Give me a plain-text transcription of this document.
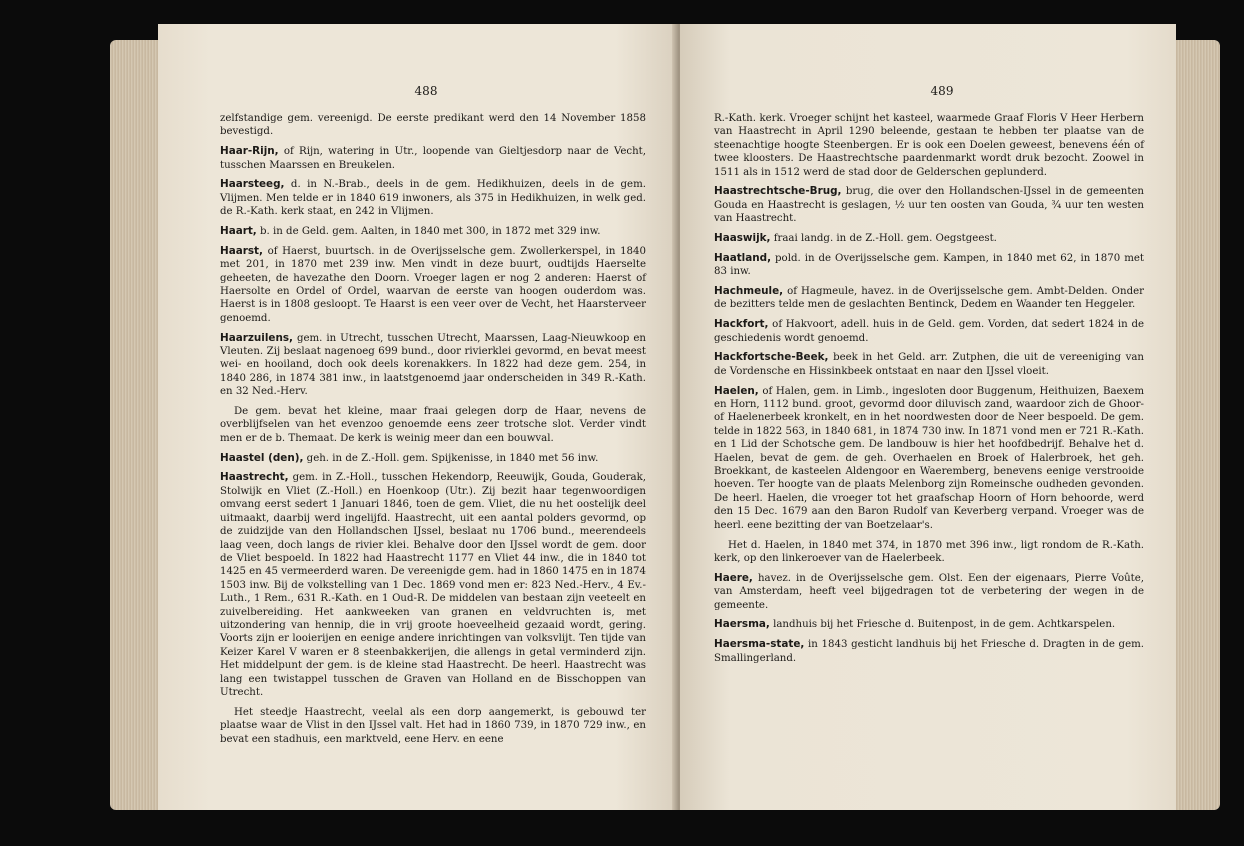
488

zelfstandige gem. vereenigd. De eerste predikant werd den 14 November 1858 bevestigd.

Haar-Rijn, of Rijn, watering in Utr., loopende van Gieltjesdorp naar de Vecht, tusschen Maarssen en Breukelen.

Haarsteeg, d. in N.-Brab., deels in de gem. Hedikhuizen, deels in de gem. Vlijmen. Men telde er in 1840 619 inwoners, als 375 in Hedikhuizen, in welk ged. de R.-Kath. kerk staat, en 242 in Vlijmen.

Haart, b. in de Geld. gem. Aalten, in 1840 met 300, in 1872 met 329 inw.

Haarst, of Haerst, buurtsch. in de Overijsselsche gem. Zwollerkerspel, in 1840 met 201, in 1870 met 239 inw. Men vindt in deze buurt, oudtijds Haerselte geheeten, de havezathe den Doorn. Vroeger lagen er nog 2 anderen: Haerst of Haersolte en Ordel of Ordel, waarvan de eerste van hoogen ouderdom was. Haerst is in 1808 gesloopt. Te Haarst is een veer over de Vecht, het Haarsterveer genoemd.

Haarzuilens, gem. in Utrecht, tusschen Utrecht, Maarssen, Laag-Nieuwkoop en Vleuten. Zij beslaat nagenoeg 699 bund., door rivierklei gevormd, en bevat meest wei- en hooiland, doch ook deels korenakkers. In 1822 had deze gem. 254, in 1840 286, in 1874 381 inw., in laatstgenoemd jaar onderscheiden in 349 R.-Kath. en 32 Ned.-Herv.

De gem. bevat het kleine, maar fraai gelegen dorp de Haar, nevens de overblijfselen van het evenzoo genoemde eens zeer trotsche slot. Verder vindt men er de b. Themaat. De kerk is weinig meer dan een bouwval.

Haastel (den), geh. in de Z.-Holl. gem. Spijkenisse, in 1840 met 56 inw.

Haastrecht, gem. in Z.-Holl., tusschen Hekendorp, Reeuwijk, Gouda, Gouderak, Stolwijk en Vliet (Z.-Holl.) en Hoenkoop (Utr.). Zij bezit haar tegenwoordigen omvang eerst sedert 1 Januari 1846, toen de gem. Vliet, die nu het oostelijk deel uitmaakt, daarbij werd ingelijfd. Haastrecht, uit een aantal polders gevormd, op de zuidzijde van den Hollandschen IJssel, beslaat nu 1706 bund., meerendeels laag veen, doch langs de rivier klei. Behalve door den IJssel wordt de gem. door de Vliet bespoeld. In 1822 had Haastrecht 1177 en Vliet 44 inw., die in 1840 tot 1425 en 45 vermeerderd waren. De vereenigde gem. had in 1860 1475 en in 1874 1503 inw. Bij de volkstelling van 1 Dec. 1869 vond men er: 823 Ned.-Herv., 4 Ev.-Luth., 1 Rem., 631 R.-Kath. en 1 Oud-R. De middelen van bestaan zijn veeteelt en zuivelbereiding. Het aankweeken van granen en veldvruchten is, met uitzondering van hennip, die in vrij groote hoeveelheid gezaaid wordt, gering. Voorts zijn er looierijen en eenige andere inrichtingen van volksvlijt. Ten tijde van Keizer Karel V waren er 8 steenbakkerijen, die allengs in getal verminderd zijn. Het middelpunt der gem. is de kleine stad Haastrecht. De heerl. Haastrecht was lang een twistappel tusschen de Graven van Holland en de Bisschoppen van Utrecht.

Het steedje Haastrecht, veelal als een dorp aangemerkt, is gebouwd ter plaatse waar de Vlist in den IJssel valt. Het had in 1860 739, in 1870 729 inw., en bevat een stadhuis, een marktveld, eene Herv. en eene

489

R.-Kath. kerk. Vroeger schijnt het kasteel, waarmede Graaf Floris V Heer Herbern van Haastrecht in April 1290 beleende, gestaan te hebben ter plaatse van de steenachtige hoogte Steenbergen. Er is ook een Doelen geweest, benevens één of twee kloosters. De Haastrechtsche paardenmarkt wordt druk bezocht. Zoowel in 1511 als in 1512 werd de stad door de Gelderschen geplunderd.

Haastrechtsche-Brug, brug, die over den Hollandschen-IJssel in de gemeenten Gouda en Haastrecht is geslagen, ½ uur ten oosten van Gouda, ¾ uur ten westen van Haastrecht.

Haaswijk, fraai landg. in de Z.-Holl. gem. Oegstgeest.

Haatland, pold. in de Overijsselsche gem. Kampen, in 1840 met 62, in 1870 met 83 inw.

Hachmeule, of Hagmeule, havez. in de Overijsselsche gem. Ambt-Delden. Onder de bezitters telde men de geslachten Bentinck, Dedem en Waander ten Heggeler.

Hackfort, of Hakvoort, adell. huis in de Geld. gem. Vorden, dat sedert 1824 in de geschiedenis wordt genoemd.

Hackfortsche-Beek, beek in het Geld. arr. Zutphen, die uit de vereeniging van de Vordensche en Hissinkbeek ontstaat en naar den IJssel vloeit.

Haelen, of Halen, gem. in Limb., ingesloten door Buggenum, Heithuizen, Baexem en Horn, 1112 bund. groot, gevormd door diluvisch zand, waardoor zich de Ghoor- of Haelenerbeek kronkelt, en in het noordwesten door de Neer bespoeld. De gem. telde in 1822 563, in 1840 681, in 1874 730 inw. In 1871 vond men er 721 R.-Kath. en 1 Lid der Schotsche gem. De landbouw is hier het hoofdbedrijf. Behalve het d. Haelen, bevat de gem. de geh. Overhaelen en Broek of Halerbroek, het geh. Broekkant, de kasteelen Aldengoor en Waeremberg, benevens eenige verstrooide hoeven. Ter hoogte van de plaats Melenborg zijn Romeinsche oudheden gevonden. De heerl. Haelen, die vroeger tot het graafschap Hoorn of Horn behoorde, werd den 15 Dec. 1679 aan den Baron Rudolf van Keverberg verpand. Vroeger was de heerl. eene bezitting der van Boetzelaar's.

Het d. Haelen, in 1840 met 374, in 1870 met 396 inw., ligt rondom de R.-Kath. kerk, op den linkeroever van de Haelerbeek.

Haere, havez. in de Overijsselsche gem. Olst. Een der eigenaars, Pierre Voûte, van Amsterdam, heeft veel bijgedragen tot de verbetering der wegen in de gemeente.

Haersma, landhuis bij het Friesche d. Buitenpost, in de gem. Achtkarspelen.

Haersma-state, in 1843 gesticht landhuis bij het Friesche d. Dragten in de gem. Smallingerland.
